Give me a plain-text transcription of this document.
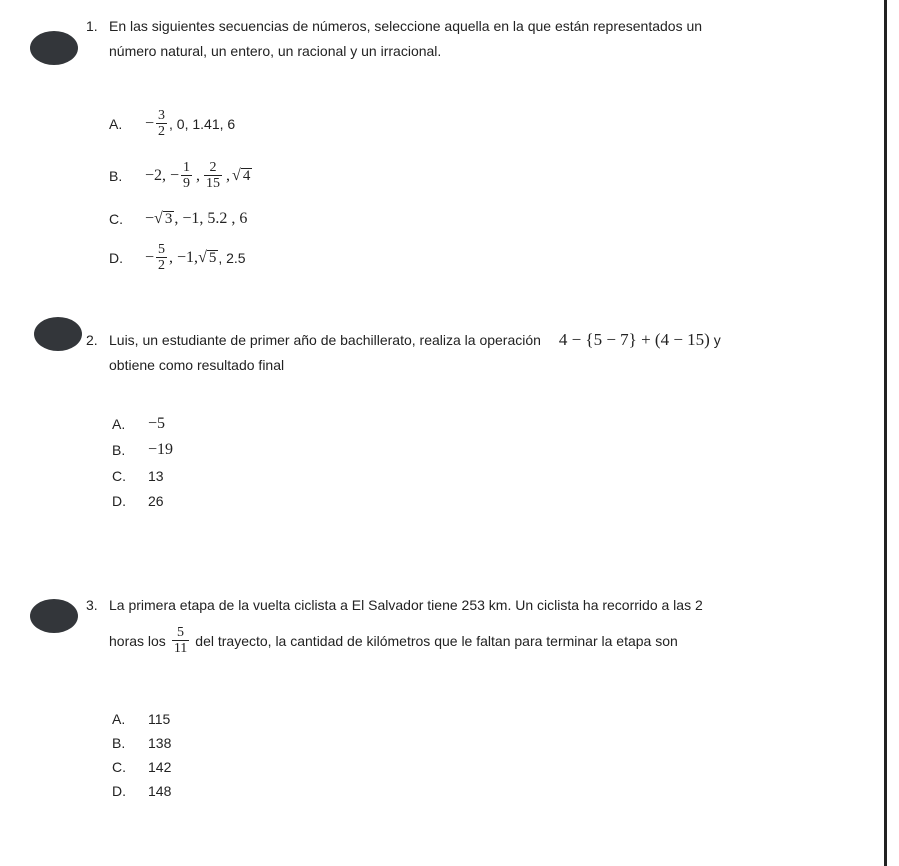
1. En las siguientes secuencias de números, seleccione aquella en la que están representados un
número natural, un entero, un racional y un irracional.
A.	− $\frac{3}{2}$ , 0, 1.41, 6
B.	−2, − $\frac{1}{9}$ , $\frac{2}{15}$ , √ 4
C.	− √ 3 , −1, 5.2 , 6
D.	− $\frac{5}{2}$ , −1, √ 5 , 2.5
2. Luis, un estudiante de primer año de bachillerato, realiza la operación 4 − {5 − 7} + (4 − 15) y
obtiene como resultado final
A.	−5
B.	−19
C.	13
D.	26
3. La primera etapa de la vuelta ciclista a El Salvador tiene 253 km. Un ciclista ha recorrido a las 2
horas los $\frac{5}{11}$ del trayecto, la cantidad de kilómetros que le faltan para terminar la etapa son
A.	115
B.	138
C.	142
D.	148
